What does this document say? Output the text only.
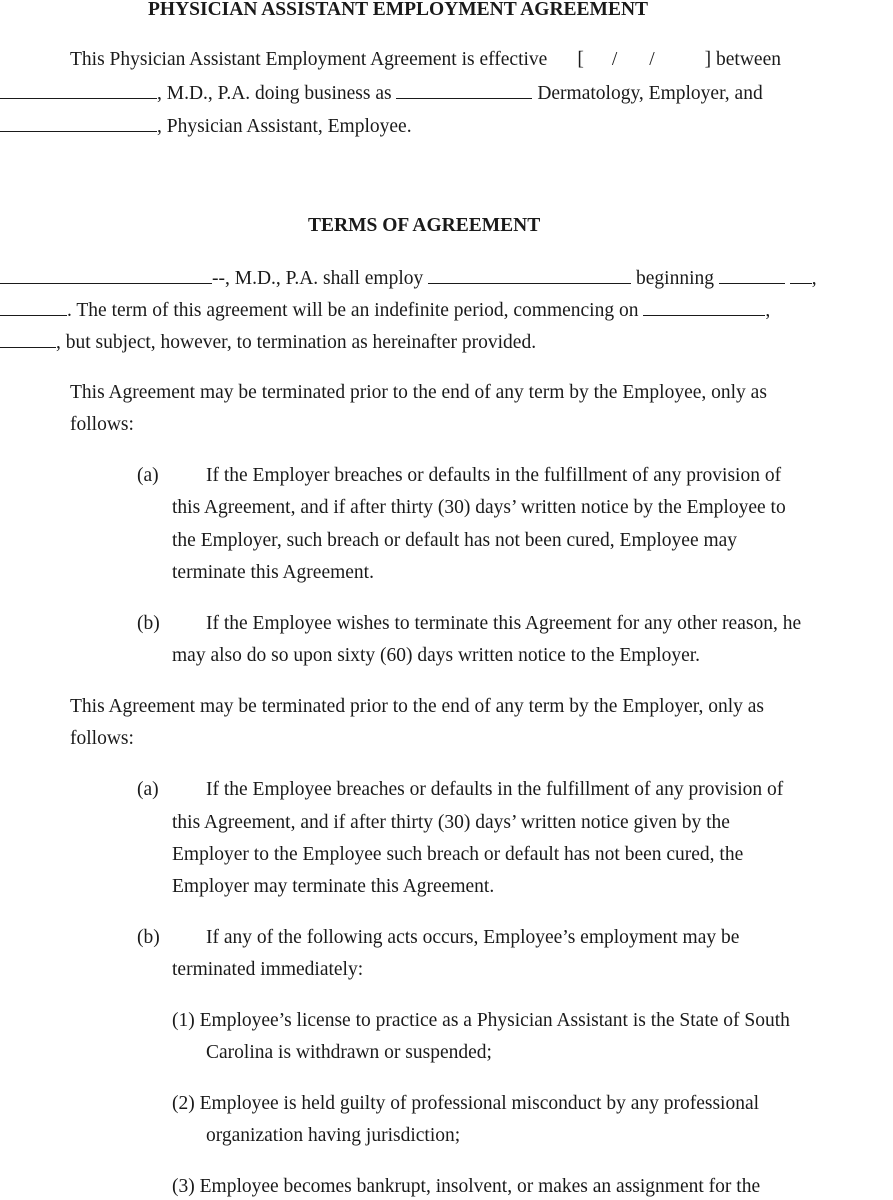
PHYSICIAN ASSISTANT EMPLOYMENT AGREEMENT
This Physician Assistant Employment Agreement is effective [ / /	] between
, M.D., P.A. doing business as	Dermatology, Employer, and
, Physician Assistant, Employee.
TERMS OF AGREEMENT
--, M.D., P.A. shall employ	beginning	,
. The term of this agreement will be an indefinite period, commencing on	,
, but subject, however, to termination as hereinafter provided.
This Agreement may be terminated prior to the end of any term by the Employee, only as
follows:
(a) If the Employer breaches or defaults in the fulfillment of any provision of
this Agreement, and if after thirty (30) days’ written notice by the Employee to
the Employer, such breach or default has not been cured, Employee may
terminate this Agreement.
(b) If the Employee wishes to terminate this Agreement for any other reason, he
may also do so upon sixty (60) days written notice to the Employer.
This Agreement may be terminated prior to the end of any term by the Employer, only as
follows:
(a) If the Employee breaches or defaults in the fulfillment of any provision of
this Agreement, and if after thirty (30) days’ written notice given by the
Employer to the Employee such breach or default has not been cured, the
Employer may terminate this Agreement.
(b) If any of the following acts occurs, Employee’s employment may be
terminated immediately:
(1) Employee’s license to practice as a Physician Assistant is the State of South
Carolina is withdrawn or suspended;
(2) Employee is held guilty of professional misconduct by any professional
organization having jurisdiction;
(3) Employee becomes bankrupt, insolvent, or makes an assignment for the
